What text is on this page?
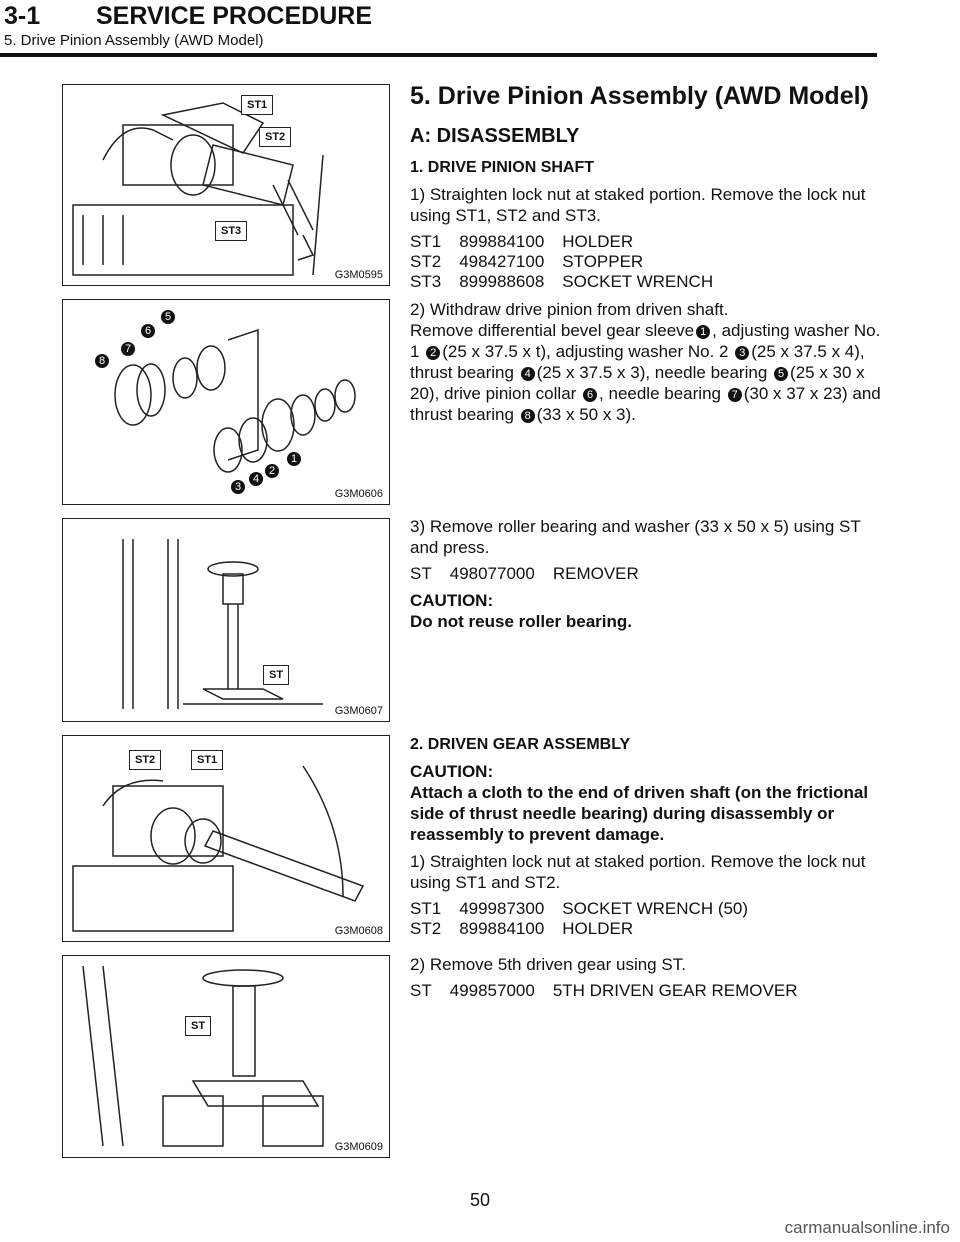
3-1 SERVICE PROCEDURE
5. Drive Pinion Assembly (AWD Model)
ST1
ST2
ST3
G3M0595
1
2
3
4
5
6
7
8
G3M0606
ST
G3M0607
ST2	ST1
G3M0608
ST
G3M0609

5. Drive Pinion Assembly (AWD Model)

A: DISASSEMBLY

1. DRIVE PINION SHAFT

1) Straighten lock nut at staked portion. Remove the lock nut using ST1, ST2 and ST3.

ST1	899884100	HOLDER
ST2	498427100	STOPPER
ST3	899988608	SOCKET WRENCH

2) Withdraw drive pinion from driven shaft.

Remove differential bevel gear sleeve 1 , adjusting washer No. 1 2 (25 x 37.5 x t), adjusting washer No. 2 3 (25 x 37.5 x 4), thrust bearing 4 (25 x 37.5 x 3), needle bearing 5 (25 x 30 x 20), drive pinion collar 6 , needle bearing 7 (30 x 37 x 23) and thrust bearing 8 (33 x 50 x 3).

3) Remove roller bearing and washer (33 x 50 x 5) using ST and press.

ST	498077000	REMOVER

CAUTION:

Do not reuse roller bearing.

2. DRIVEN GEAR ASSEMBLY

CAUTION:

Attach a cloth to the end of driven shaft (on the frictional side of thrust needle bearing) during disassembly or reassembly to prevent damage.

1) Straighten lock nut at staked portion. Remove the lock nut using ST1 and ST2.

ST1	499987300	SOCKET WRENCH (50)
ST2	899884100	HOLDER

2) Remove 5th driven gear using ST.

ST	499857000	5TH DRIVEN GEAR REMOVER
50
carmanualsonline.info
